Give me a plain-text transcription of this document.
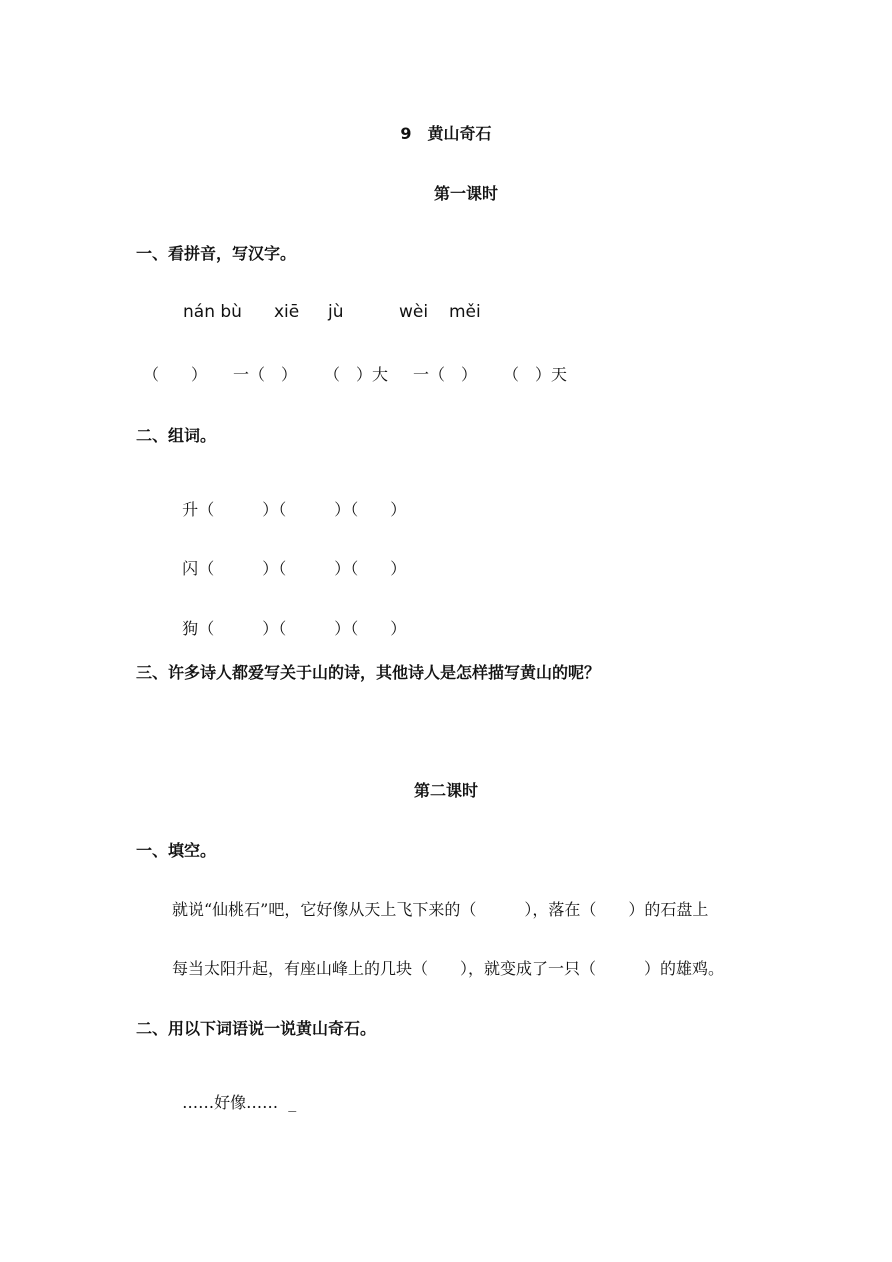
9　黄山奇石
第一课时
一、看拼音，写汉字。
nán bù xiē jù	wèi měi
（　　） 一（　） （　）大 一（　） （　）天
二、组词。

升（　　　）（　　　）（　　）

闪（　　　）（　　　）（　　）

狗（　　　）（　　　）（　　）

三、许多诗人都爱写关于山的诗，其他诗人是怎样描写黄山的呢？
第二课时
一、填空。
就说“仙桃石”吧，它好像从天上飞下来的（　　　），落在（　　）的石盘上
每当太阳升起，有座山峰上的几块（　　），就变成了一只（　　　）的雄鸡。
二、用以下词语说一说黄山奇石。

……好像…… _
